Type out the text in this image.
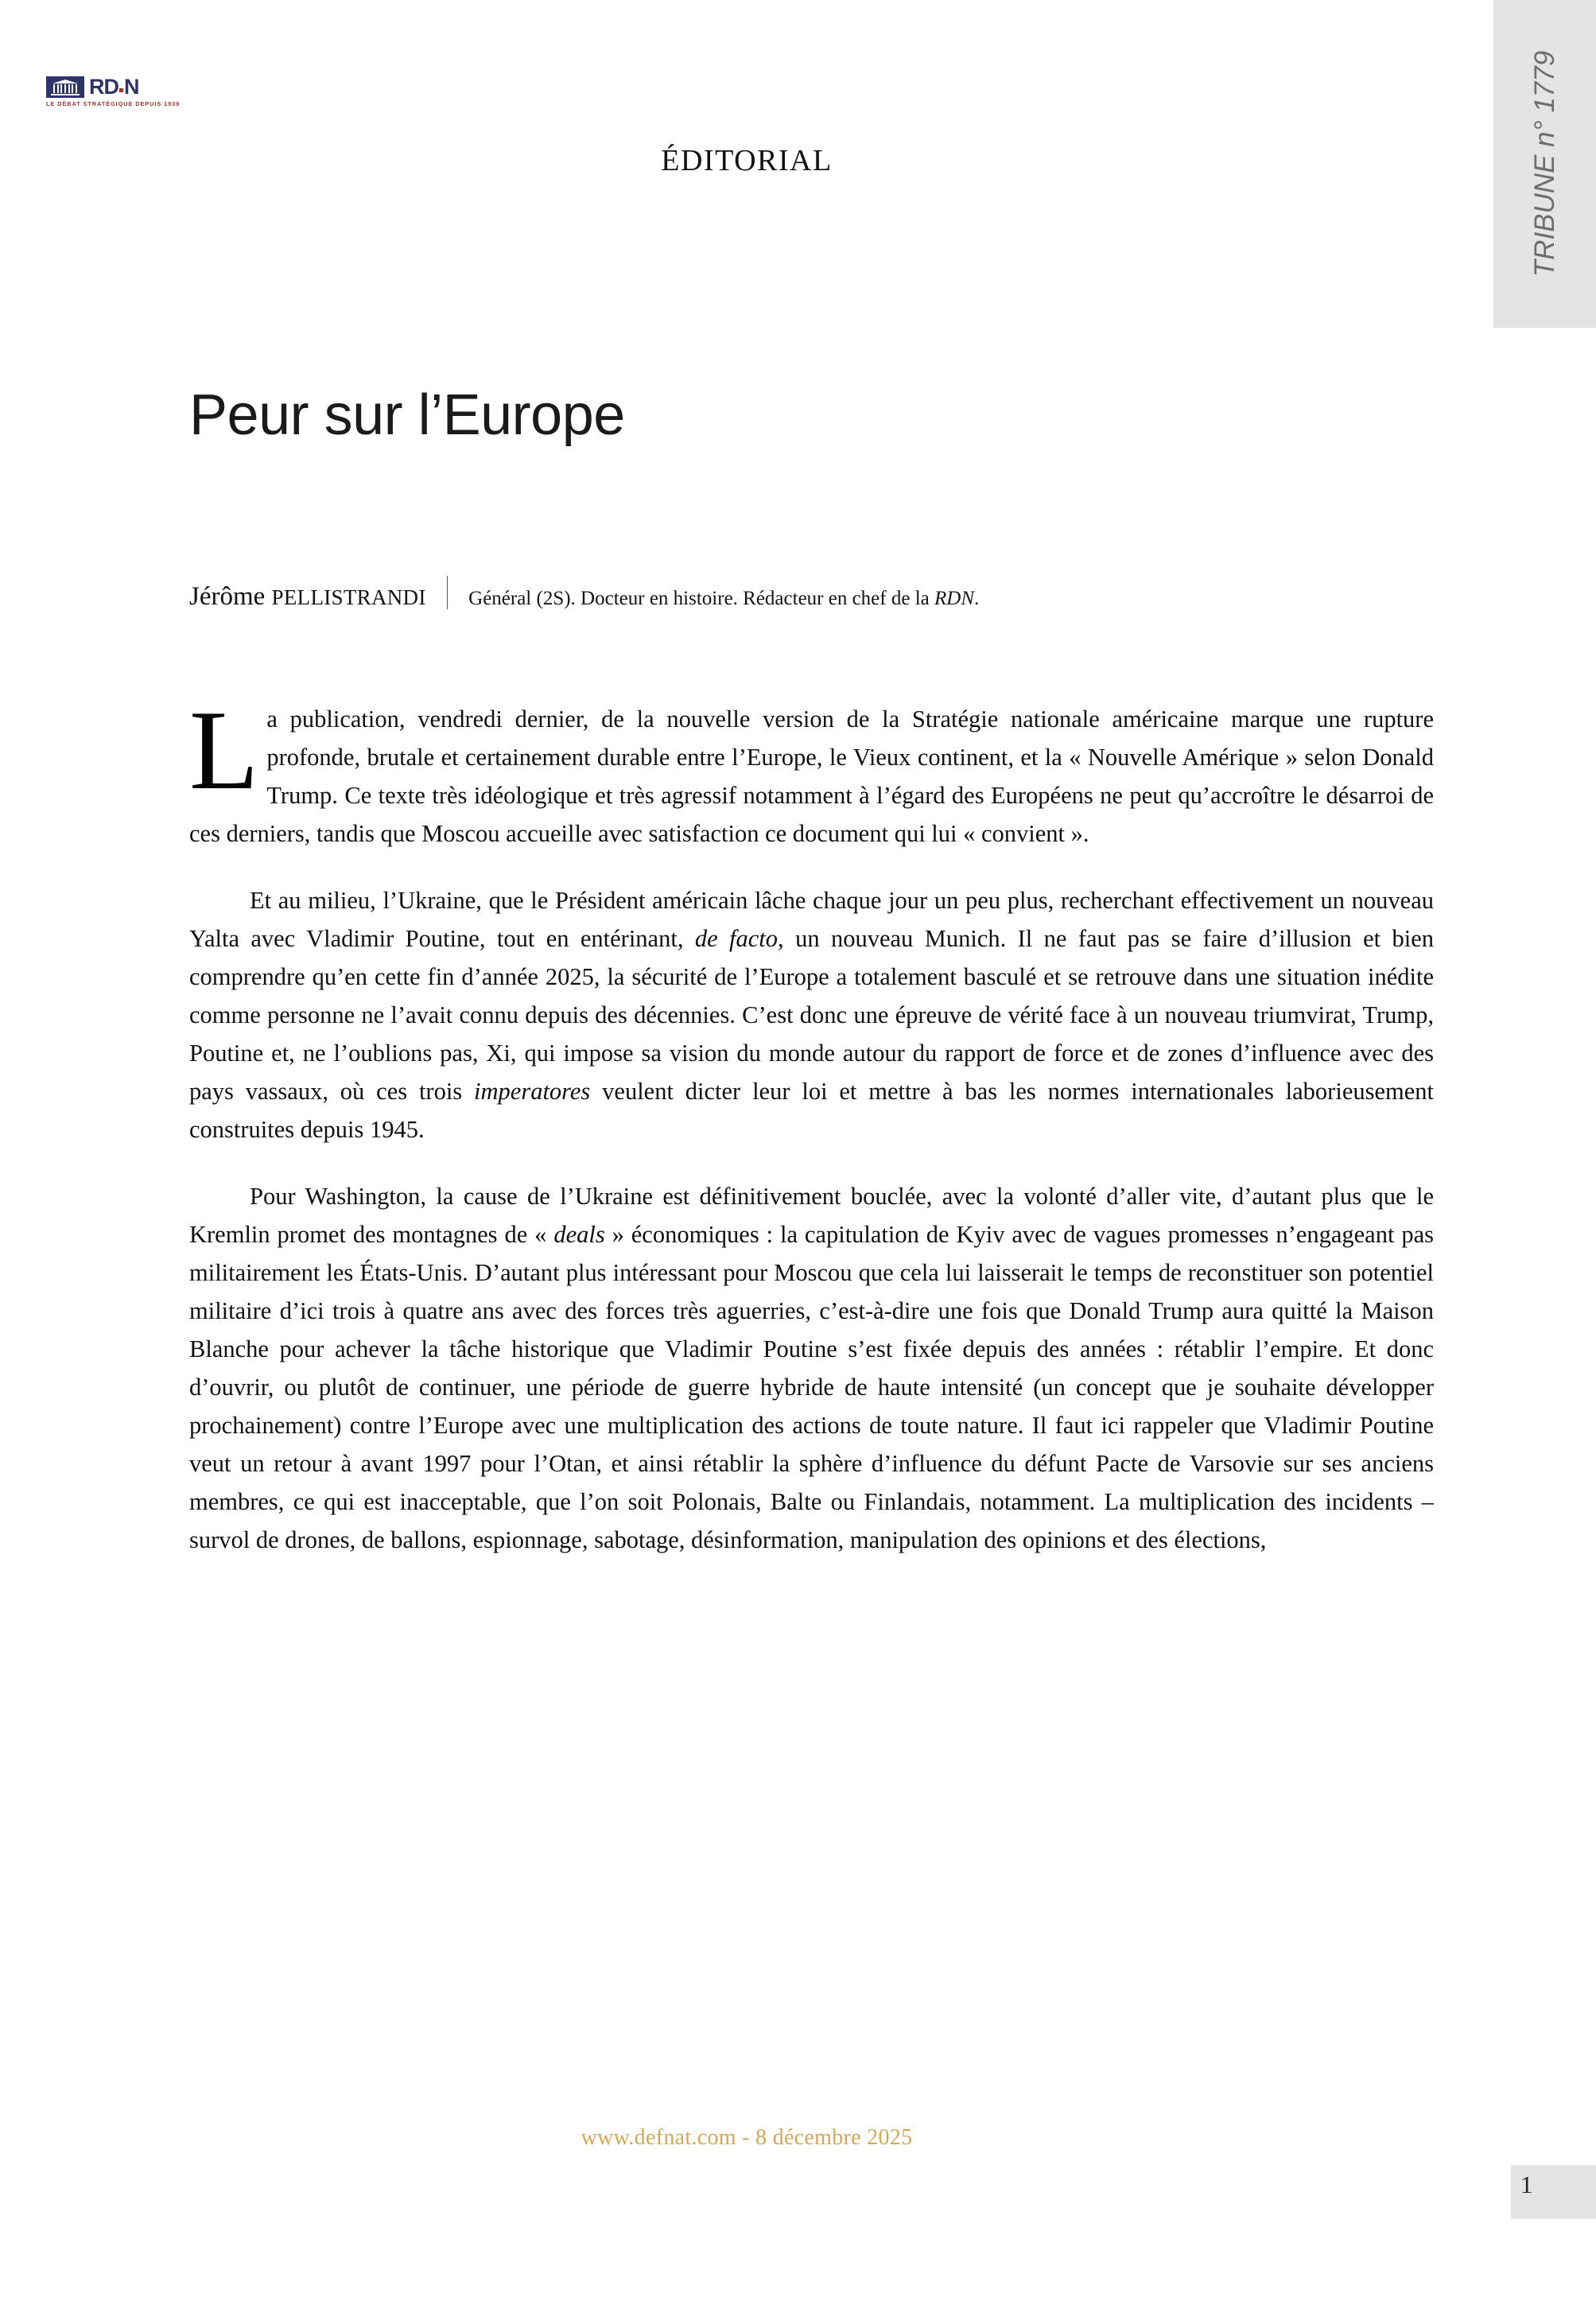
R D N
LE DÉBAT STRATÉGIQUE DEPUIS 1939	TRIBUNE n° 1779
ÉDITORIAL
Peur sur l’Europe
Jérôme PELLISTRANDI Général (2S). Docteur en histoire. Rédacteur en chef de la RDN.

La publication, vendredi dernier, de la nouvelle version de la Stratégie nationale américaine marque une rupture profonde, brutale et certainement durable entre l’Europe, le Vieux continent, et la « Nouvelle Amérique » selon Donald Trump. Ce texte très idéologique et très agressif notamment à l’égard des Européens ne peut qu’accroître le désarroi de ces derniers, tandis que Moscou accueille avec satisfaction ce document qui lui « convient ».

Et au milieu, l’Ukraine, que le Président américain lâche chaque jour un peu plus, recherchant effectivement un nouveau Yalta avec Vladimir Poutine, tout en entérinant, de facto, un nouveau Munich. Il ne faut pas se faire d’illusion et bien comprendre qu’en cette fin d’année 2025, la sécurité de l’Europe a totalement basculé et se retrouve dans une situation inédite comme personne ne l’avait connu depuis des décennies. C’est donc une épreuve de vérité face à un nouveau triumvirat, Trump, Poutine et, ne l’oublions pas, Xi, qui impose sa vision du monde autour du rapport de force et de zones d’influence avec des pays vassaux, où ces trois imperatores veulent dicter leur loi et mettre à bas les normes internationales laborieusement construites depuis 1945.

Pour Washington, la cause de l’Ukraine est définitivement bouclée, avec la volonté d’aller vite, d’autant plus que le Kremlin promet des montagnes de « deals » économiques : la capitulation de Kyiv avec de vagues promesses n’engageant pas militairement les États-Unis. D’autant plus intéressant pour Moscou que cela lui laisserait le temps de reconstituer son potentiel militaire d’ici trois à quatre ans avec des forces très aguerries, c’est-à-dire une fois que Donald Trump aura quitté la Maison Blanche pour achever la tâche historique que Vladimir Poutine s’est fixée depuis des années : rétablir l’empire. Et donc d’ouvrir, ou plutôt de continuer, une période de guerre hybride de haute intensité (un concept que je souhaite développer prochainement) contre l’Europe avec une multiplication des actions de toute nature. Il faut ici rappeler que Vladimir Poutine veut un retour à avant 1997 pour l’Otan, et ainsi rétablir la sphère d’influence du défunt Pacte de Varsovie sur ses anciens membres, ce qui est inacceptable, que l’on soit Polonais, Balte ou Finlandais, notamment. La multiplication des incidents – survol de drones, de ballons, espionnage, sabotage, désinformation, manipulation des opinions et des élections,

www.defnat.com - 8 décembre 2025
1
